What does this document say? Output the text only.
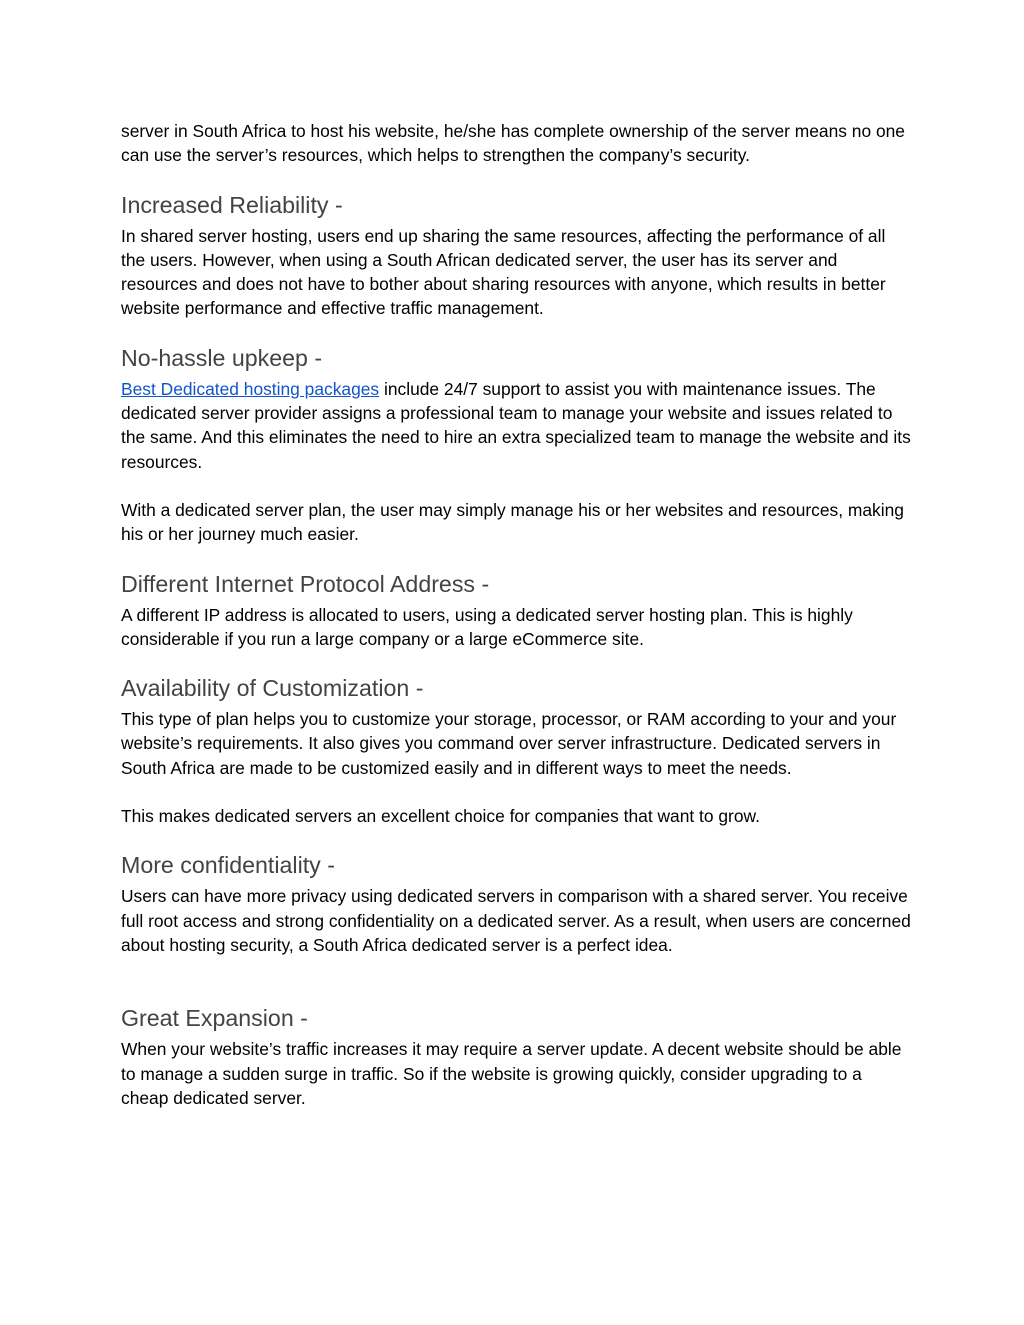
server in South Africa to host his website, he/she has complete ownership of the server means no one can use the server’s resources, which helps to strengthen the company’s security.

Increased Reliability -

In shared server hosting, users end up sharing the same resources, affecting the performance of all the users. However, when using a South African dedicated server, the user has its server and resources and does not have to bother about sharing resources with anyone, which results in better website performance and effective traffic management.

No-hassle upkeep -

Best Dedicated hosting packages include 24/7 support to assist you with maintenance issues. The dedicated server provider assigns a professional team to manage your website and issues related to the same. And this eliminates the need to hire an extra specialized team to manage the website and its resources.

With a dedicated server plan, the user may simply manage his or her websites and resources, making his or her journey much easier.

Different Internet Protocol Address -

A different IP address is allocated to users, using a dedicated server hosting plan. This is highly considerable if you run a large company or a large eCommerce site.

Availability of Customization -

This type of plan helps you to customize your storage, processor, or RAM according to your and your website’s requirements. It also gives you command over server infrastructure. Dedicated servers in South Africa are made to be customized easily and in different ways to meet the needs.

This makes dedicated servers an excellent choice for companies that want to grow.

More confidentiality -

Users can have more privacy using dedicated servers in comparison with a shared server. You receive full root access and strong confidentiality on a dedicated server. As a result, when users are concerned about hosting security, a South Africa dedicated server is a perfect idea.

Great Expansion -

When your website’s traffic increases it may require a server update. A decent website should be able to manage a sudden surge in traffic. So if the website is growing quickly, consider upgrading to a cheap dedicated server.
